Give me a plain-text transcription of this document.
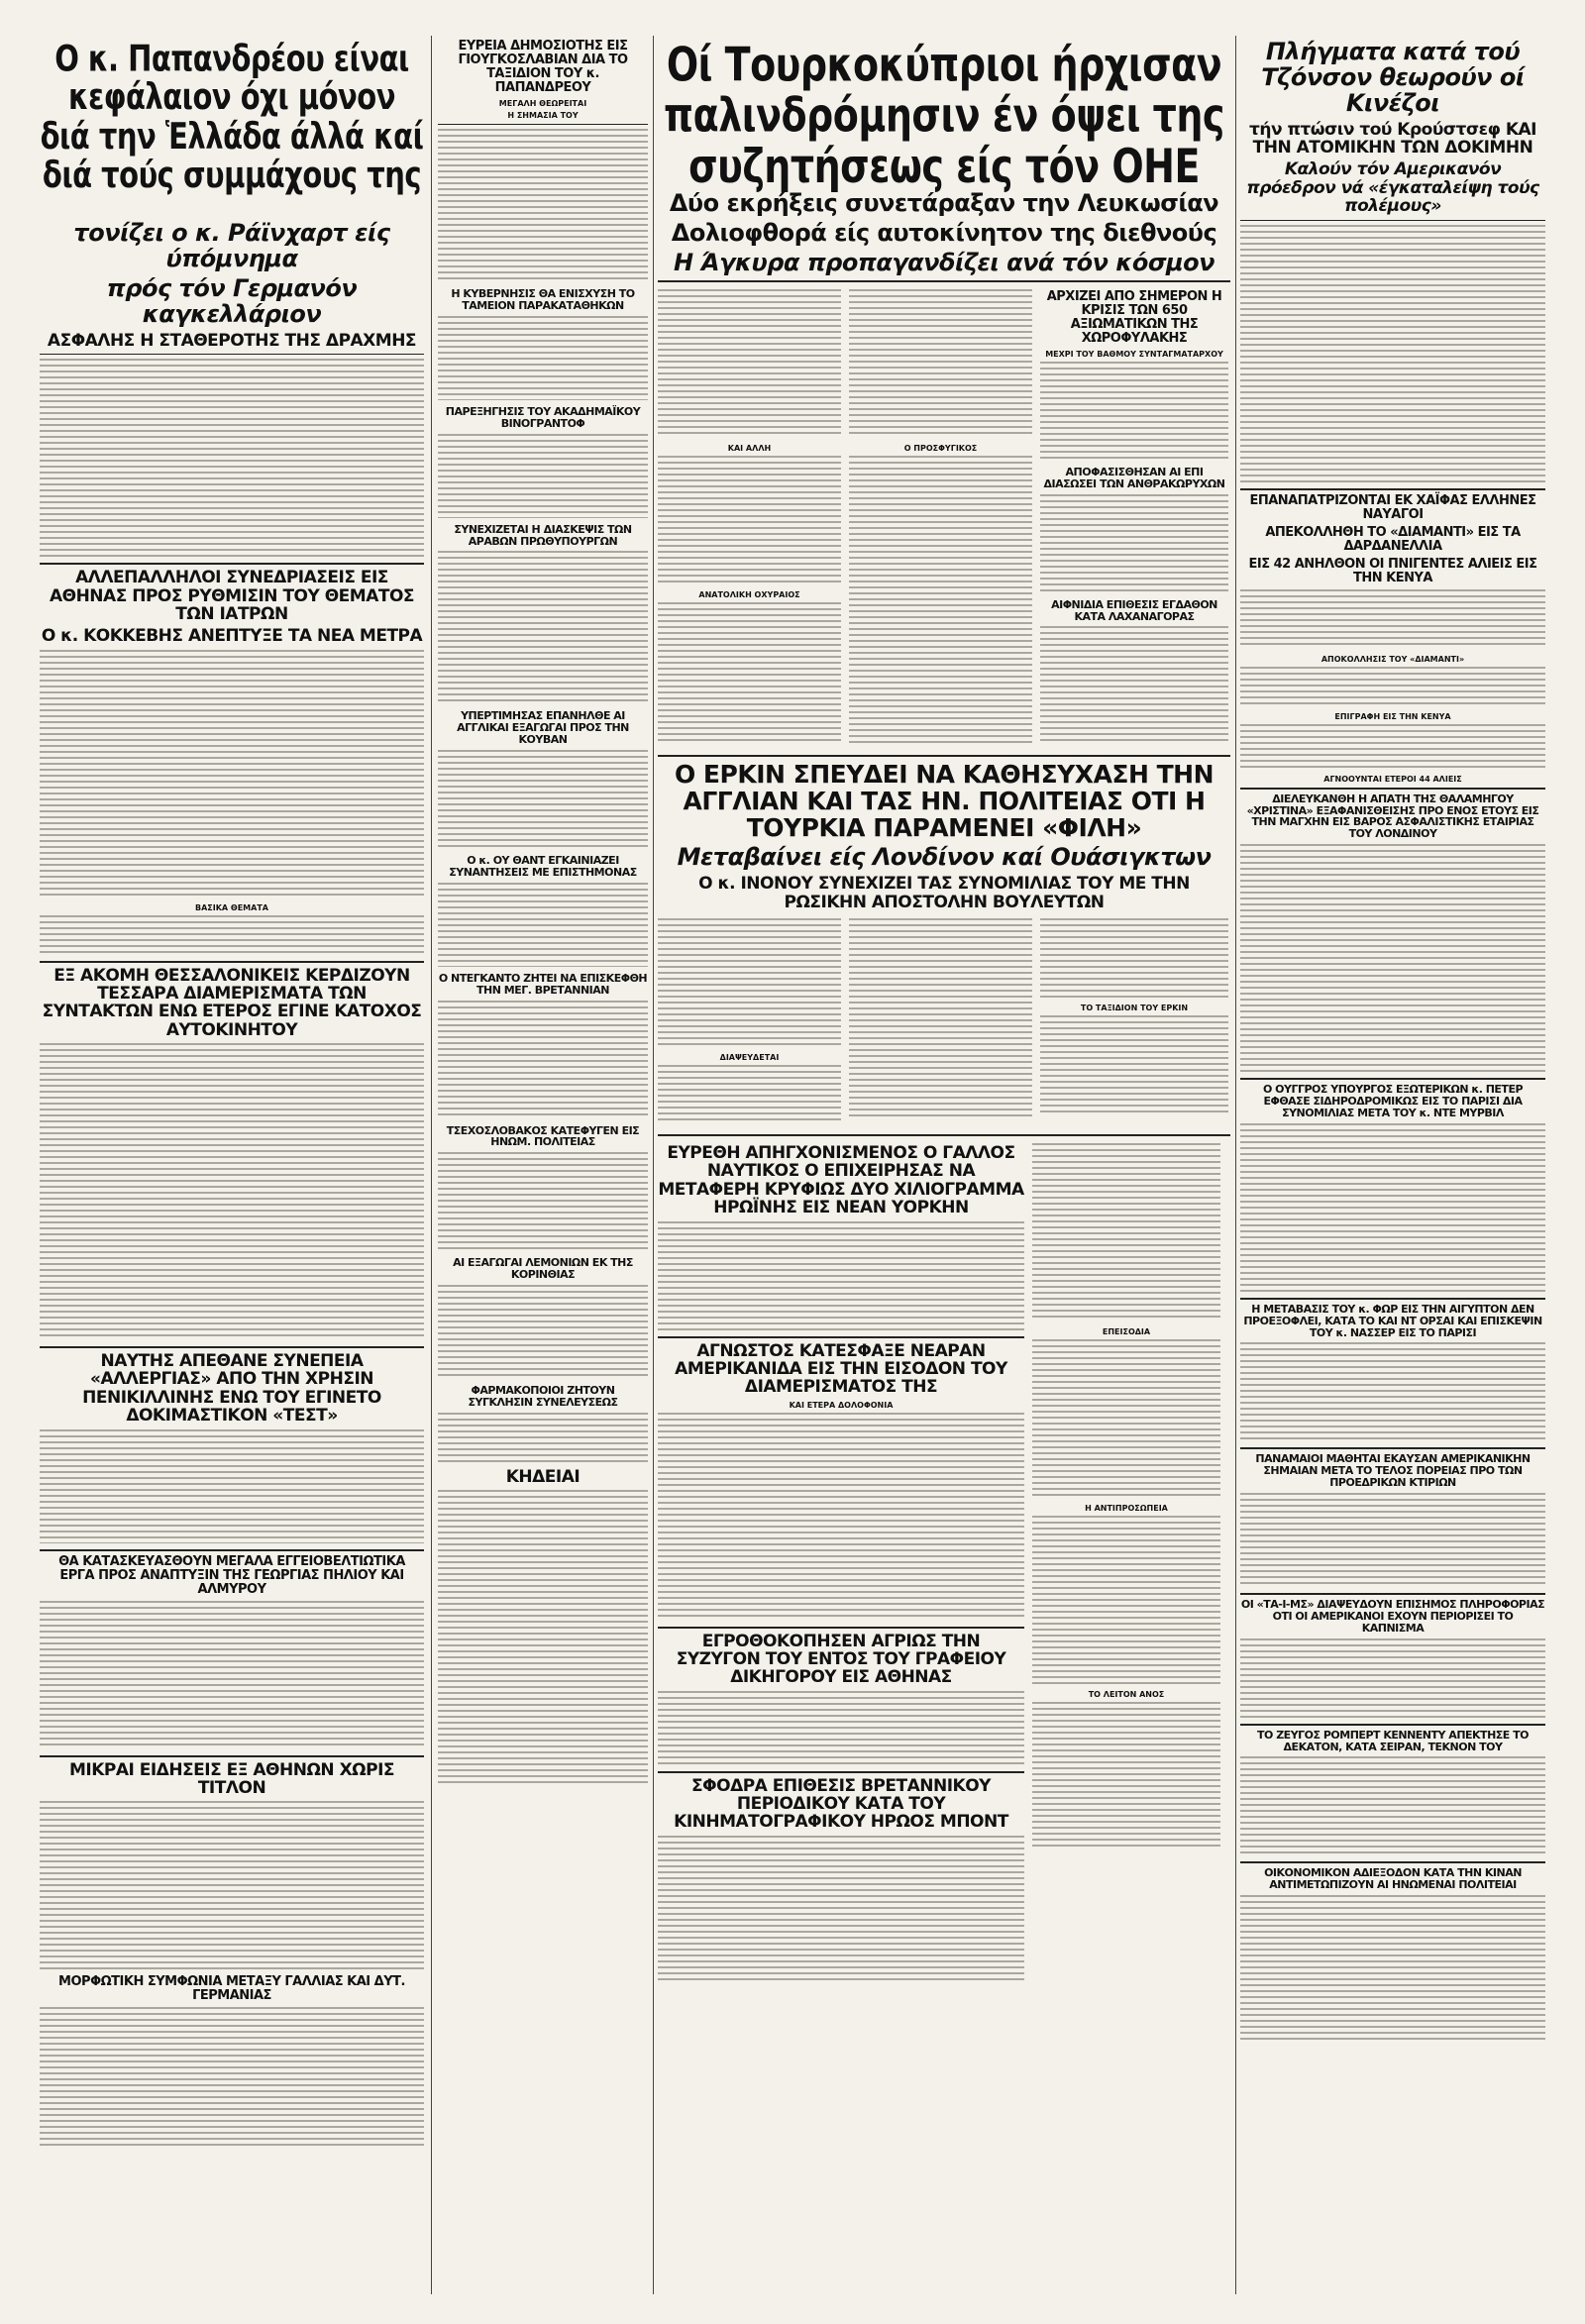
Ο κ. Παπανδρέου είναι κεφάλαιον όχι μόνον διά την Ἑλλάδα άλλά καί διά τούς συμμάχους της
τονίζει ο κ. Ράϊνχαρτ είς ύπόμνημα
πρός τόν Γερμανόν καγκελλάριον
ΑΣΦΑΛΗΣ Η ΣΤΑΘΕΡΟΤΗΣ ΤΗΣ ΔΡΑΧΜΗΣ
ΑΛΛΕΠΑΛΛΗΛΟΙ ΣΥΝΕΔΡΙΑΣΕΙΣ ΕΙΣ ΑΘΗΝΑΣ ΠΡΟΣ ΡΥΘΜΙΣΙΝ ΤΟΥ ΘΕΜΑΤΟΣ ΤΩΝ ΙΑΤΡΩΝ
Ο κ. ΚΟΚΚΕΒΗΣ ΑΝΕΠΤΥΞΕ ΤΑ ΝΕΑ ΜΕΤΡΑ
ΒΑΣΙΚΑ ΘΕΜΑΤΑ
ΕΞ ΑΚΟΜΗ ΘΕΣΣΑΛΟΝΙΚΕΙΣ ΚΕΡΔΙΖΟΥΝ ΤΕΣΣΑΡΑ ΔΙΑΜΕΡΙΣΜΑΤΑ ΤΩΝ ΣΥΝΤΑΚΤΩΝ ΕΝΩ ΕΤΕΡΟΣ ΕΓΙΝΕ ΚΑΤΟΧΟΣ ΑΥΤΟΚΙΝΗΤΟΥ
ΝΑΥΤΗΣ ΑΠΕΘΑΝΕ ΣΥΝΕΠΕΙΑ «ΑΛΛΕΡΓΙΑΣ» ΑΠΟ ΤΗΝ ΧΡΗΣΙΝ ΠΕΝΙΚΙΛΛΙΝΗΣ ΕΝΩ ΤΟΥ ΕΓΙΝΕΤΟ ΔΟΚΙΜΑΣΤΙΚΟΝ «ΤΕΣΤ»
ΘΑ ΚΑΤΑΣΚΕΥΑΣΘΟΥΝ ΜΕΓΑΛΑ ΕΓΓΕΙΟΒΕΛΤΙΩΤΙΚΑ ΕΡΓΑ ΠΡΟΣ ΑΝΑΠΤΥΞΙΝ ΤΗΣ ΓΕΩΡΓΙΑΣ ΠΗΛΙΟΥ ΚΑΙ ΑΛΜΥΡΟΥ
ΜΙΚΡΑΙ ΕΙΔΗΣΕΙΣ ΕΞ ΑΘΗΝΩΝ ΧΩΡΙΣ ΤΙΤΛΟΝ
ΜΟΡΦΩΤΙΚΗ ΣΥΜΦΩΝΙΑ ΜΕΤΑΞΥ ΓΑΛΛΙΑΣ ΚΑΙ ΔΥΤ. ΓΕΡΜΑΝΙΑΣ
ΕΥΡΕΙΑ ΔΗΜΟΣΙΟΤΗΣ ΕΙΣ ΓΙΟΥΓΚΟΣΛΑΒΙΑΝ ΔΙΑ ΤΟ ΤΑΞΙΔΙΟΝ ΤΟΥ κ. ΠΑΠΑΝΔΡΕΟΥ
ΜΕΓΑΛΗ ΘΕΩΡΕΙΤΑΙ
Η ΣΗΜΑΣΙΑ ΤΟΥ
Η ΚΥΒΕΡΝΗΣΙΣ ΘΑ ΕΝΙΣΧΥΣΗ ΤΟ ΤΑΜΕΙΟΝ ΠΑΡΑΚΑΤΑΘΗΚΩΝ
ΠΑΡΕΞΗΓΗΣΙΣ ΤΟΥ ΑΚΑΔΗΜΑΪΚΟΥ ΒΙΝΟΓΡΑΝΤΟΦ
ΣΥΝΕΧΙΖΕΤΑΙ Η ΔΙΑΣΚΕΨΙΣ ΤΩΝ ΑΡΑΒΩΝ ΠΡΩΘΥΠΟΥΡΓΩΝ
ΥΠΕΡΤΙΜΗΣΑΣ ΕΠΑΝΗΛΘΕ ΑΙ ΑΓΓΛΙΚΑΙ ΕΞΑΓΩΓΑΙ ΠΡΟΣ ΤΗΝ ΚΟΥΒΑΝ
Ο κ. ΟΥ ΘΑΝΤ ΕΓΚΑΙΝΙΑΖΕΙ ΣΥΝΑΝΤΗΣΕΙΣ ΜΕ ΕΠΙΣΤΗΜΟΝΑΣ
Ο ΝΤΕΓΚΑΝΤΟ ΖΗΤΕΙ ΝΑ ΕΠΙΣΚΕΦΘΗ ΤΗΝ ΜΕΓ. ΒΡΕΤΑΝΝΙΑΝ
ΤΣΕΧΟΣΛΟΒΑΚΟΣ ΚΑΤΕΦΥΓΕΝ ΕΙΣ ΗΝΩΜ. ΠΟΛΙΤΕΙΑΣ
ΑΙ ΕΞΑΓΩΓΑΙ ΛΕΜΟΝΙΩΝ ΕΚ ΤΗΣ ΚΟΡΙΝΘΙΑΣ
ΦΑΡΜΑΚΟΠΟΙΟΙ ΖΗΤΟΥΝ ΣΥΓΚΛΗΣΙΝ ΣΥΝΕΛΕΥΣΕΩΣ
ΚΗΔΕΙΑΙ
Οί Τουρκοκύπριοι ήρχισαν παλινδρόμησιν έν όψει της συζητήσεως είς τόν ΟΗΕ
Δύο εκρήξεις συνετάραξαν την Λευκωσίαν
Δολιοφθορά είς αυτοκίνητον της διεθνούς
Η Άγκυρα προπαγανδίζει ανά τόν κόσμον
ΚΑΙ ΑΛΛΗ
ΑΝΑΤΟΛΙΚΗ ΟΧΥΡΑΙΟΣ
Ο ΠΡΟΣΦΥΓΙΚΟΣ
ΑΡΧΙΖΕΙ ΑΠΟ ΣΗΜΕΡΟΝ Η ΚΡΙΣΙΣ ΤΩΝ 650 ΑΞΙΩΜΑΤΙΚΩΝ ΤΗΣ ΧΩΡΟΦΥΛΑΚΗΣ
ΜΕΧΡΙ ΤΟΥ ΒΑΘΜΟΥ ΣΥΝΤΑΓΜΑΤΑΡΧΟΥ
ΑΠΟΦΑΣΙΣΘΗΣΑΝ ΑΙ ΕΠΙ ΔΙΑΣΩΣΕΙ ΤΩΝ ΑΝΘΡΑΚΩΡΥΧΩΝ
ΑΙΦΝΙΔΙΑ ΕΠΙΘΕΣΙΣ ΕΓΔΑΘΟΝ ΚΑΤΑ ΛΑΧΑΝΑΓΟΡΑΣ
Ο ΕΡΚΙΝ ΣΠΕΥΔΕΙ ΝΑ ΚΑΘΗΣΥΧΑΣΗ ΤΗΝ ΑΓΓΛΙΑΝ ΚΑΙ ΤΑΣ ΗΝ. ΠΟΛΙΤΕΙΑΣ ΟΤΙ Η ΤΟΥΡΚΙΑ ΠΑΡΑΜΕΝΕΙ «ΦΙΛΗ»
Μεταβαίνει είς Λονδίνον καί Ουάσιγκτων
Ο κ. ΙΝΟΝΟΥ ΣΥΝΕΧΙΖΕΙ ΤΑΣ ΣΥΝΟΜΙΛΙΑΣ ΤΟΥ ΜΕ ΤΗΝ ΡΩΣΙΚΗΝ ΑΠΟΣΤΟΛΗΝ ΒΟΥΛΕΥΤΩΝ
ΔΙΑΨΕΥΔΕΤΑΙ
ΤΟ ΤΑΞΙΔΙΟΝ ΤΟΥ ΕΡΚΙΝ
ΕΥΡΕΘΗ ΑΠΗΓΧΟΝΙΣΜΕΝΟΣ Ο ΓΑΛΛΟΣ ΝΑΥΤΙΚΟΣ Ο ΕΠΙΧΕΙΡΗΣΑΣ ΝΑ ΜΕΤΑΦΕΡΗ ΚΡΥΦΙΩΣ ΔΥΟ ΧΙΛΙΟΓΡΑΜΜΑ ΗΡΩΪΝΗΣ ΕΙΣ ΝΕΑΝ ΥΟΡΚΗΝ
ΑΓΝΩΣΤΟΣ ΚΑΤΕΣΦΑΞΕ ΝΕΑΡΑΝ ΑΜΕΡΙΚΑΝΙΔΑ ΕΙΣ ΤΗΝ ΕΙΣΟΔΟΝ ΤΟΥ ΔΙΑΜΕΡΙΣΜΑΤΟΣ ΤΗΣ
ΚΑΙ ΕΤΕΡΑ ΔΟΛΟΦΟΝΙΑ
ΕΓΡΟΘΟΚΟΠΗΣΕΝ ΑΓΡΙΩΣ ΤΗΝ ΣΥΖΥΓΟΝ ΤΟΥ ΕΝΤΟΣ ΤΟΥ ΓΡΑΦΕΙΟΥ ΔΙΚΗΓΟΡΟΥ ΕΙΣ ΑΘΗΝΑΣ
ΣΦΟΔΡΑ ΕΠΙΘΕΣΙΣ ΒΡΕΤΑΝΝΙΚΟΥ ΠΕΡΙΟΔΙΚΟΥ ΚΑΤΑ ΤΟΥ ΚΙΝΗΜΑΤΟΓΡΑΦΙΚΟΥ ΗΡΩΟΣ ΜΠΟΝΤ
ΕΠΕΙΣΟΔΙΑ
Η ΑΝΤΙΠΡΟΣΩΠΕΙΑ
ΤΟ ΛΕΙΤΟΝ ΑΝΟΣ
Πλήγματα κατά τού Τζόνσον θεωρούν οί Κινέζοι
τήν πτώσιν τού Κρούστσεφ ΚΑΙ ΤΗΝ ΑΤΟΜΙΚΗΝ ΤΩΝ ΔΟΚΙΜΗΝ
Καλούν τόν Αμερικανόν πρόεδρον νά «έγκαταλείψη τούς πολέμους»
ΕΠΑΝΑΠΑΤΡΙΖΟΝΤΑΙ ΕΚ ΧΑΪΦΑΣ ΕΛΛΗΝΕΣ ΝΑΥΑΓΟΙ
ΑΠΕΚΟΛΛΗΘΗ ΤΟ «ΔΙΑΜΑΝΤΙ» ΕΙΣ ΤΑ ΔΑΡΔΑΝΕΛΛΙΑ
ΕΙΣ 42 ΑΝΗΛΘΟΝ ΟΙ ΠΝΙΓΕΝΤΕΣ ΑΛΙΕΙΣ ΕΙΣ ΤΗΝ ΚΕΝΥΑ
ΑΠΟΚΟΛΛΗΣΙΣ ΤΟΥ «ΔΙΑΜΑΝΤΙ»
ΕΠΙΓΡΑΦΗ ΕΙΣ ΤΗΝ ΚΕΝΥΑ
ΑΓΝΟΟΥΝΤΑΙ ΕΤΕΡΟΙ 44 ΑΛΙΕΙΣ
ΔΙΕΛΕΥΚΑΝΘΗ Η ΑΠΑΤΗ ΤΗΣ ΘΑΛΑΜΗΓΟΥ «ΧΡΙΣΤΙΝΑ» ΕΞΑΦΑΝΙΣΘΕΙΣΗΣ ΠΡΟ ΕΝΟΣ ΕΤΟΥΣ ΕΙΣ ΤΗΝ ΜΑΓΧΗΝ ΕΙΣ ΒΑΡΟΣ ΑΣΦΑΛΙΣΤΙΚΗΣ ΕΤΑΙΡΙΑΣ ΤΟΥ ΛΟΝΔΙΝΟΥ
Ο ΟΥΓΓΡΟΣ ΥΠΟΥΡΓΟΣ ΕΞΩΤΕΡΙΚΩΝ κ. ΠΕΤΕΡ ΕΦΘΑΣΕ ΣΙΔΗΡΟΔΡΟΜΙΚΩΣ ΕΙΣ ΤΟ ΠΑΡΙΣΙ ΔΙΑ ΣΥΝΟΜΙΛΙΑΣ ΜΕΤΑ ΤΟΥ κ. ΝΤΕ ΜΥΡΒΙΛ
Η ΜΕΤΑΒΑΣΙΣ ΤΟΥ κ. ΦΩΡ ΕΙΣ ΤΗΝ ΑΙΓΥΠΤΟΝ ΔΕΝ ΠΡΟΕΞΟΦΛΕΙ, ΚΑΤΑ ΤΟ ΚΑΙ ΝΤ ΟΡΣΑΙ ΚΑΙ ΕΠΙΣΚΕΨΙΝ ΤΟΥ κ. ΝΑΣΣΕΡ ΕΙΣ ΤΟ ΠΑΡΙΣΙ
ΠΑΝΑΜΑΙΟΙ ΜΑΘΗΤΑΙ ΕΚΑΥΣΑΝ ΑΜΕΡΙΚΑΝΙΚΗΝ ΣΗΜΑΙΑΝ ΜΕΤΑ ΤΟ ΤΕΛΟΣ ΠΟΡΕΙΑΣ ΠΡΟ ΤΩΝ ΠΡΟΕΔΡΙΚΩΝ ΚΤΙΡΙΩΝ
ΟΙ «ΤΑ-Ι-ΜΣ» ΔΙΑΨΕΥΔΟΥΝ ΕΠΙΣΗΜΟΣ ΠΛΗΡΟΦΟΡΙΑΣ ΟΤΙ ΟΙ ΑΜΕΡΙΚΑΝΟΙ ΕΧΟΥΝ ΠΕΡΙΟΡΙΣΕΙ ΤΟ ΚΑΠΝΙΣΜΑ
ΤΟ ΖΕΥΓΟΣ ΡΟΜΠΕΡΤ ΚΕΝΝΕΝΤΥ ΑΠΕΚΤΗΣΕ ΤΟ ΔΕΚΑΤΟΝ, ΚΑΤΑ ΣΕΙΡΑΝ, ΤΕΚΝΟΝ ΤΟΥ
ΟΙΚΟΝΟΜΙΚΟΝ ΑΔΙΕΞΟΔΟΝ ΚΑΤΑ ΤΗΝ ΚΙΝΑΝ ΑΝΤΙΜΕΤΩΠΙΖΟΥΝ ΑΙ ΗΝΩΜΕΝΑΙ ΠΟΛΙΤΕΙΑΙ
